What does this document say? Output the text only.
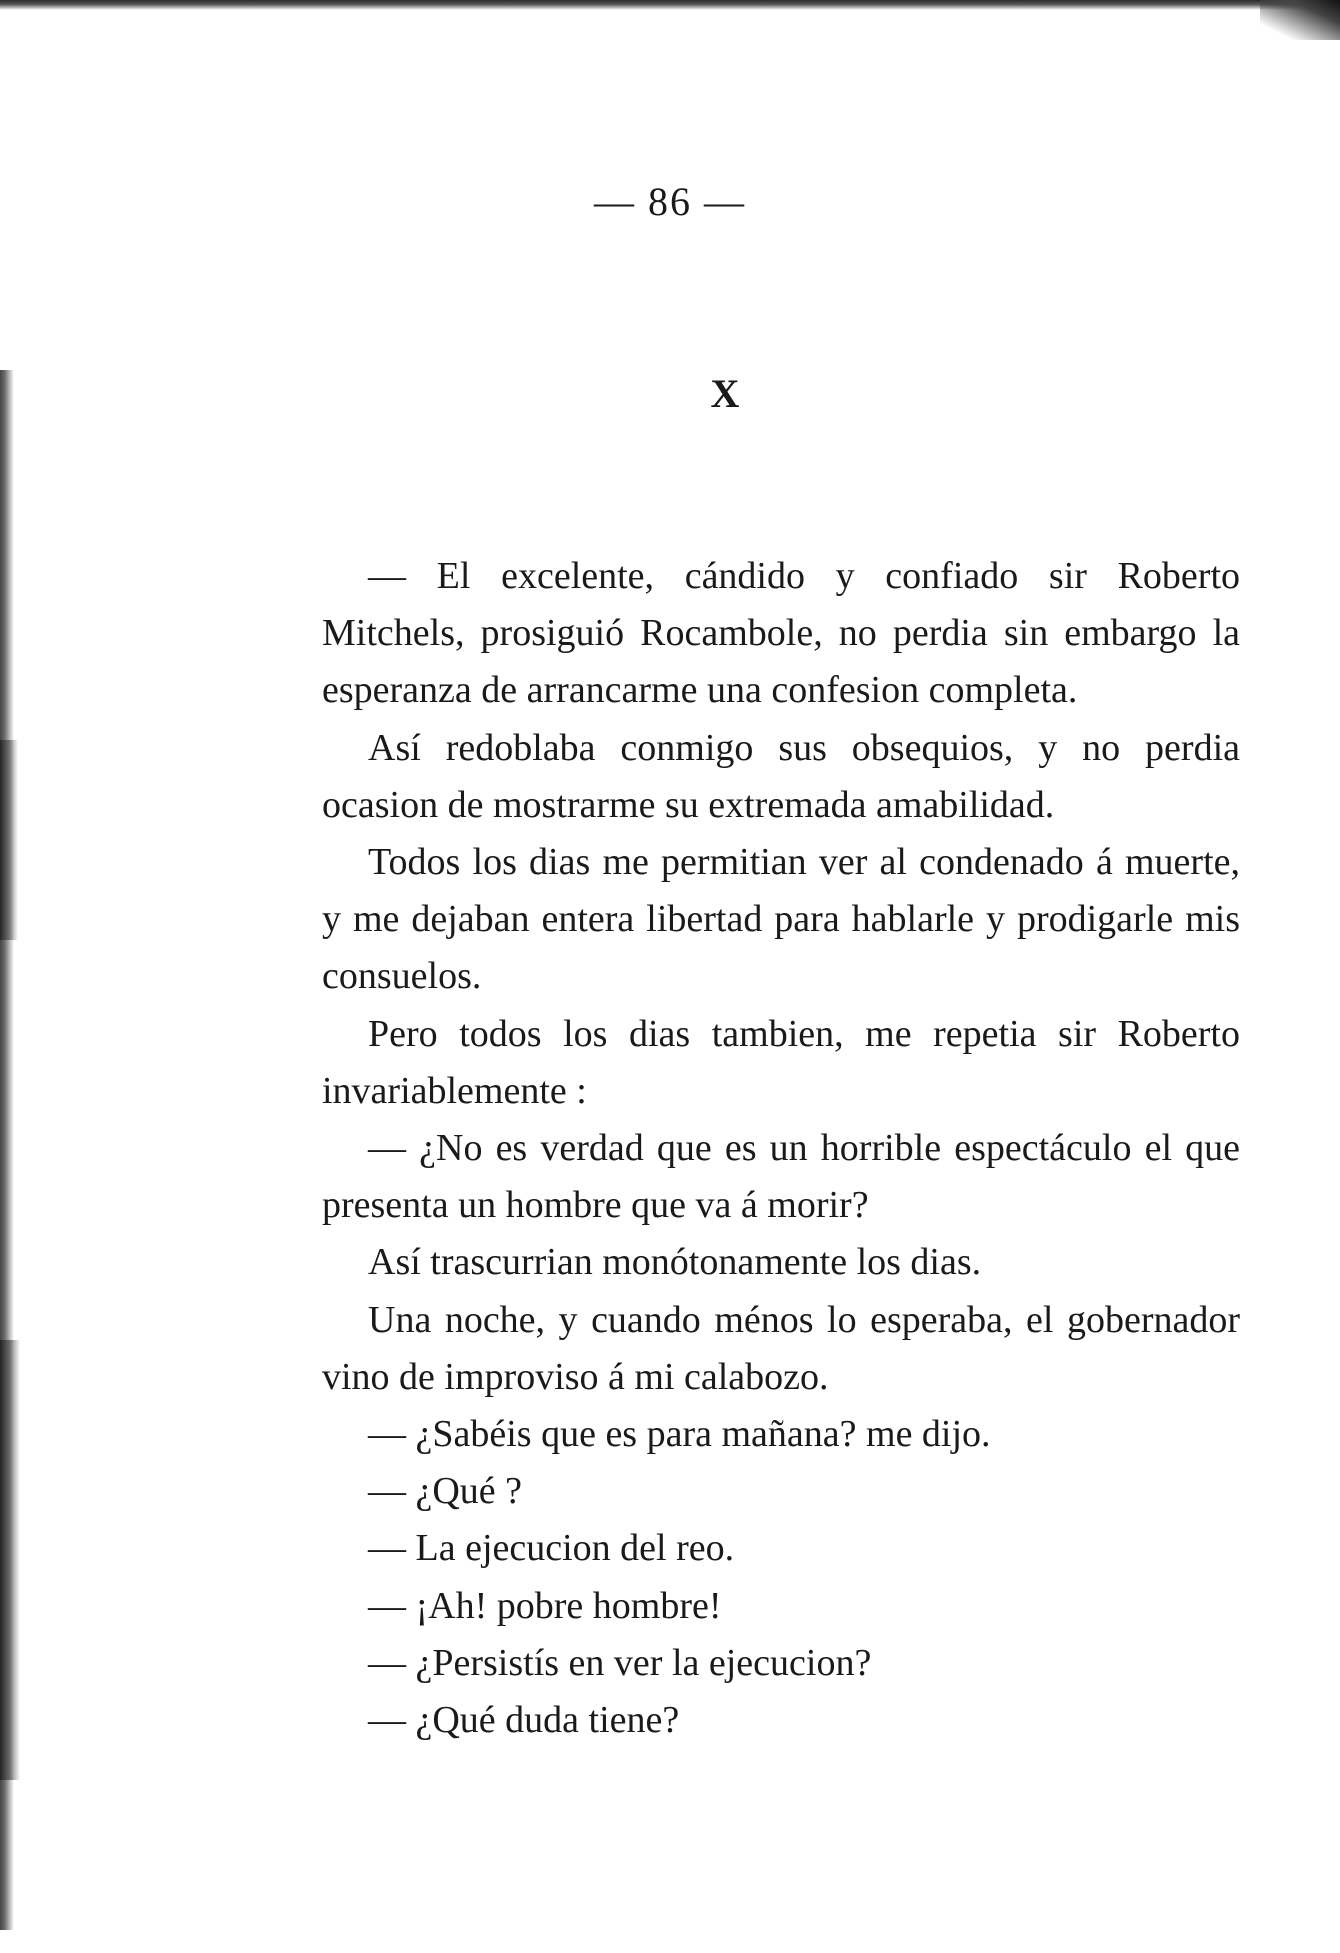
— 86 —
X

— El excelente, cándido y confiado sir Roberto Mitchels, prosiguió Rocambole, no perdia sin embargo la esperanza de arrancarme una confesion completa.

Así redoblaba conmigo sus obsequios, y no perdia ocasion de mostrarme su extremada amabilidad.

Todos los dias me permitian ver al condenado á muerte, y me dejaban entera libertad para hablarle y prodigarle mis consuelos.

Pero todos los dias tambien, me repetia sir Roberto invariablemente :

— ¿No es verdad que es un horrible espectáculo el que presenta un hombre que va á morir?

Así trascurrian monótonamente los dias.

Una noche, y cuando ménos lo esperaba, el gobernador vino de improviso á mi calabozo.

— ¿Sabéis que es para mañana? me dijo.

— ¿Qué ?

— La ejecucion del reo.

— ¡Ah! pobre hombre!

— ¿Persistís en ver la ejecucion?

— ¿Qué duda tiene?
